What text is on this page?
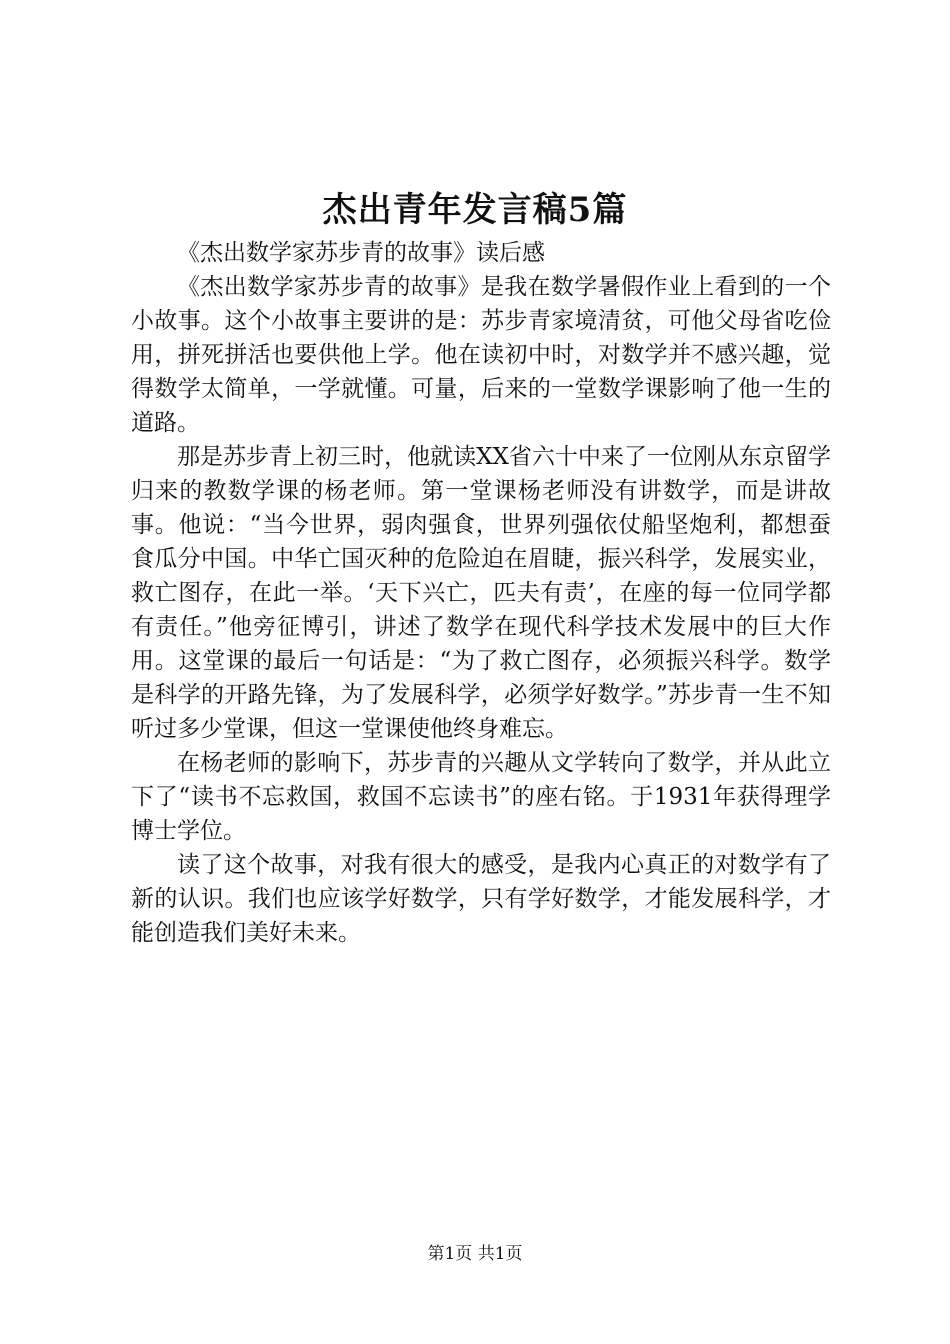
杰出青年发言稿5篇

《杰出数学家苏步青的故事》读后感

《杰出数学家苏步青的故事》是我在数学暑假作业上看到的一个小故事。这个小故事主要讲的是：苏步青家境清贫，可他父母省吃俭用，拼死拼活也要供他上学。他在读初中时，对数学并不感兴趣，觉得数学太简单，一学就懂。可量，后来的一堂数学课影响了他一生的道路。

那是苏步青上初三时，他就读XX省六十中来了一位刚从东京留学归来的教数学课的杨老师。第一堂课杨老师没有讲数学，而是讲故事。他说：“当今世界，弱肉强食，世界列强依仗船坚炮利，都想蚕食瓜分中国。中华亡国灭种的危险迫在眉睫，振兴科学，发展实业，救亡图存，在此一举。‘天下兴亡，匹夫有责’，在座的每一位同学都有责任。”他旁征博引，讲述了数学在现代科学技术发展中的巨大作用。这堂课的最后一句话是：“为了救亡图存，必须振兴科学。数学是科学的开路先锋，为了发展科学，必须学好数学。”苏步青一生不知听过多少堂课，但这一堂课使他终身难忘。

在杨老师的影响下，苏步青的兴趣从文学转向了数学，并从此立下了“读书不忘救国，救国不忘读书”的座右铭。于1931年获得理学博士学位。

读了这个故事，对我有很大的感受，是我内心真正的对数学有了新的认识。我们也应该学好数学，只有学好数学，才能发展科学，才能创造我们美好未来。

第1页 共1页
